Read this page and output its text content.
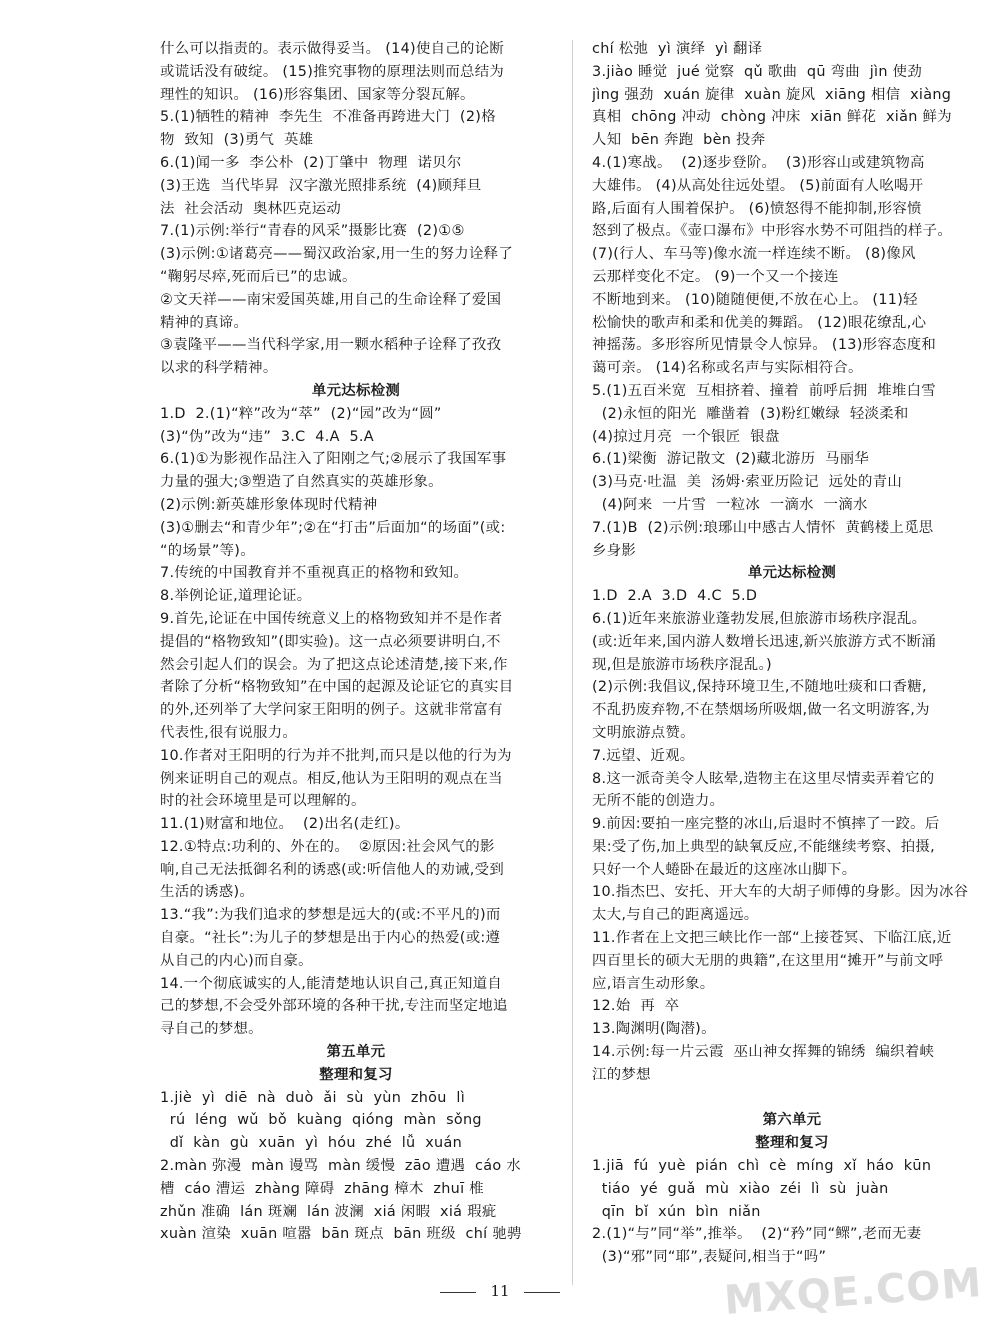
什么可以指责的。表示做得妥当。 (14)使自己的论断
或谎话没有破绽。 (15)推究事物的原理法则而总结为
理性的知识。 (16)形容集团、国家等分裂瓦解。
5.(1)牺牲的精神  李先生  不准备再跨进大门  (2)格
物  致知  (3)勇气  英雄
6.(1)闻一多  李公朴  (2)丁肇中  物理  诺贝尔
(3)王选  当代毕昇  汉字激光照排系统  (4)顾拜旦
法  社会活动  奥林匹克运动
7.(1)示例:举行“青春的风采”摄影比赛  (2)①⑤
(3)示例:①诸葛亮——蜀汉政治家,用一生的努力诠释了
“鞠躬尽瘁,死而后已”的忠诚。
②文天祥——南宋爱国英雄,用自己的生命诠释了爱国
精神的真谛。
③袁隆平——当代科学家,用一颗水稻种子诠释了孜孜
以求的科学精神。
单元达标检测
1.D  2.(1)“粹”改为“萃”  (2)“园”改为“圆”
(3)“伪”改为“违”  3.C  4.A  5.A
6.(1)①为影视作品注入了阳刚之气;②展示了我国军事
力量的强大;③塑造了自然真实的英雄形象。
(2)示例:新英雄形象体现时代精神
(3)①删去“和青少年”;②在“打击”后面加“的场面”(或:
“的场景”等)。
7.传统的中国教育并不重视真正的格物和致知。
8.举例论证,道理论证。
9.首先,论证在中国传统意义上的格物致知并不是作者
提倡的“格物致知”(即实验)。这一点必须要讲明白,不
然会引起人们的误会。为了把这点论述清楚,接下来,作
者除了分析“格物致知”在中国的起源及论证它的真实目
的外,还列举了大学问家王阳明的例子。这就非常富有
代表性,很有说服力。
10.作者对王阳明的行为并不批判,而只是以他的行为为
例来证明自己的观点。相反,他认为王阳明的观点在当
时的社会环境里是可以理解的。
11.(1)财富和地位。  (2)出名(走红)。
12.①特点:功利的、外在的。  ②原因:社会风气的影
响,自己无法抵御名利的诱惑(或:听信他人的劝诫,受到
生活的诱惑)。
13.“我”:为我们追求的梦想是远大的(或:不平凡的)而
自豪。“社长”:为儿子的梦想是出于内心的热爱(或:遵
从自己的内心)而自豪。
14.一个彻底诚实的人,能清楚地认识自己,真正知道自
己的梦想,不会受外部环境的各种干扰,专注而坚定地追
寻自己的梦想。
第五单元
整理和复习
1.jiè  yì  diē  nà  duò  ǎi  sù  yùn  zhōu  lì
rú  léng  wǔ  bǒ  kuàng  qióng  màn  sǒng
dǐ  kàn  gù  xuān  yì  hóu  zhé  lǚ  xuán
2.màn 弥漫  màn 谩骂  màn 缓慢  zāo 遭遇  cáo 水
槽  cáo 漕运  zhàng 障碍  zhāng 樟木  zhuī 椎
zhǔn 准确  lán 斑斓  lán 波澜  xiá 闲暇  xiá 瑕疵
xuàn 渲染  xuān 喧嚣  bān 斑点  bān 班级  chí 驰骋
chí 松弛  yì 演绎  yì 翻译
3.jiào 睡觉  jué 觉察  qǔ 歌曲  qū 弯曲  jìn 使劲
jìng 强劲  xuán 旋律  xuàn 旋风  xiāng 相信  xiàng
真相  chōng 冲动  chòng 冲床  xiān 鲜花  xiǎn 鲜为
人知  bēn 奔跑  bèn 投奔
4.(1)寒战。  (2)逐步登阶。  (3)形容山或建筑物高
大雄伟。 (4)从高处往远处望。 (5)前面有人吆喝开
路,后面有人围着保护。 (6)愤怒得不能抑制,形容愤
怒到了极点。《壶口瀑布》中形容水势不可阻挡的样子。
(7)(行人、车马等)像水流一样连续不断。 (8)像风
云那样变化不定。 (9)一个又一个接连
不断地到来。 (10)随随便便,不放在心上。 (11)轻
松愉快的歌声和柔和优美的舞蹈。 (12)眼花缭乱,心
神摇荡。多形容所见情景令人惊异。 (13)形容态度和
蔼可亲。 (14)名称或名声与实际相符合。
5.(1)五百米宽  互相挤着、撞着  前呼后拥  堆堆白雪
(2)永恒的阳光  雕凿着  (3)粉红嫩绿  轻淡柔和
(4)掠过月亮  一个银匠  银盘
6.(1)梁衡  游记散文  (2)藏北游历  马丽华
(3)马克·吐温  美  汤姆·索亚历险记  远处的青山
(4)阿来  一片雪  一粒冰  一滴水  一滴水
7.(1)B  (2)示例:琅琊山中感古人情怀  黄鹤楼上觅思
乡身影
单元达标检测
1.D  2.A  3.D  4.C  5.D
6.(1)近年来旅游业蓬勃发展,但旅游市场秩序混乱。
(或:近年来,国内游人数增长迅速,新兴旅游方式不断涌
现,但是旅游市场秩序混乱。)
(2)示例:我倡议,保持环境卫生,不随地吐痰和口香糖,
不乱扔废弃物,不在禁烟场所吸烟,做一名文明游客,为
文明旅游点赞。
7.远望、近观。
8.这一派奇美令人眩晕,造物主在这里尽情卖弄着它的
无所不能的创造力。
9.前因:要拍一座完整的冰山,后退时不慎摔了一跤。后
果:受了伤,加上典型的缺氧反应,不能继续考察、拍摄,
只好一个人蜷卧在最近的这座冰山脚下。
10.指杰巴、安托、开大车的大胡子师傅的身影。因为冰谷
太大,与自己的距离遥远。
11.作者在上文把三峡比作一部“上接苍冥、下临江底,近
四百里长的硕大无朋的典籍”,在这里用“摊开”与前文呼
应,语言生动形象。
12.始  再  卒
13.陶渊明(陶潜)。
14.示例:每一片云霞  巫山神女挥舞的锦绣  编织着峡
江的梦想
第六单元
整理和复习
1.jiā  fú  yuè  pián  chì  cè  míng  xǐ  háo  kūn
tiáo  yé  guǎ  mù  xiào  zéi  lì  sù  juàn
qīn  bǐ  xún  bìn  niǎn
2.(1)“与”同“举”,推举。  (2)“矜”同“鳏”,老而无妻
(3)“邪”同“耶”,表疑问,相当于“吗”
11	MXQE.COM
